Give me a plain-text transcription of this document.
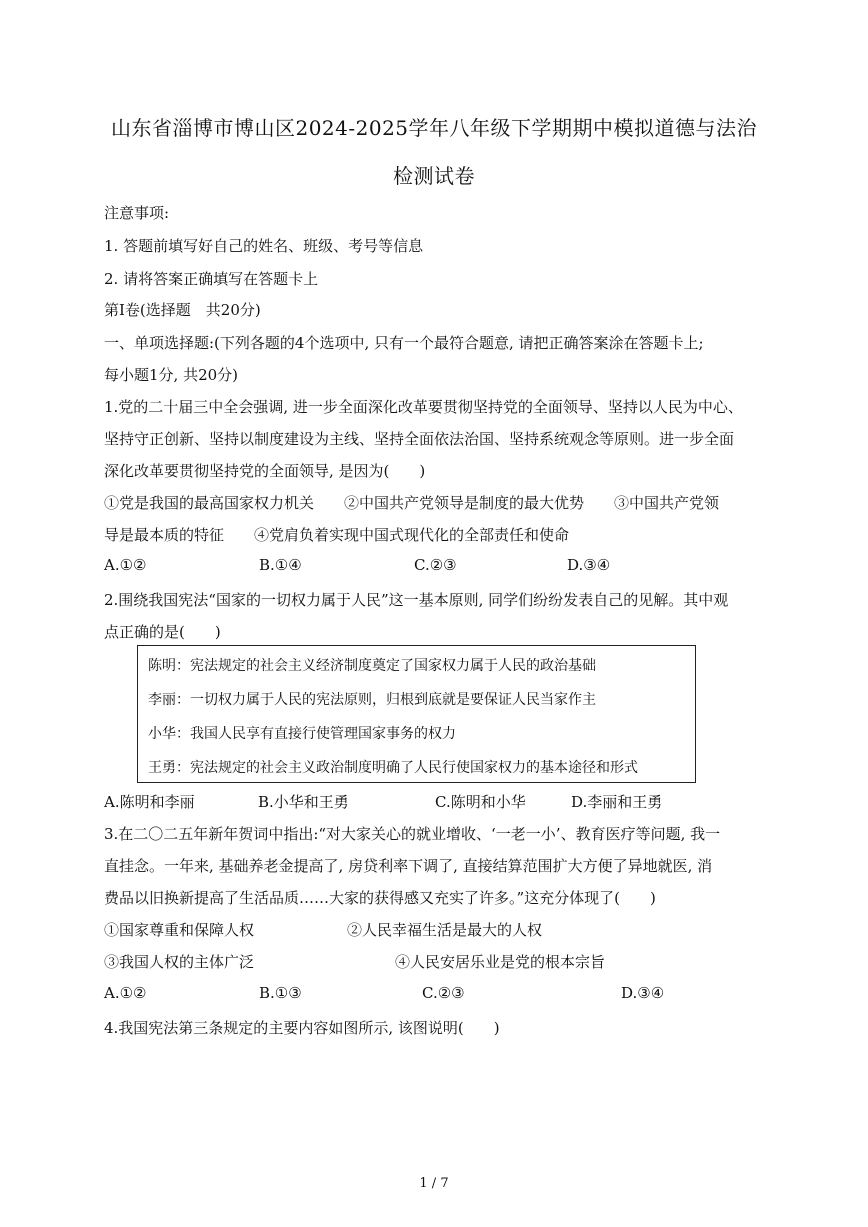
山东省淄博市博山区2024-2025学年八年级下学期期中模拟道德与法治
检测试卷
注意事项:
1. 答题前填写好自己的姓名、班级、考号等信息
2. 请将答案正确填写在答题卡上
第I卷(选择题　共20分)
一、单项选择题:(下列各题的4个选项中, 只有一个最符合题意, 请把正确答案涂在答题卡上;
每小题1分, 共20分)
1.党的二十届三中全会强调, 进一步全面深化改革要贯彻坚持党的全面领导、坚持以人民为中心、
坚持守正创新、坚持以制度建设为主线、坚持全面依法治国、坚持系统观念等原则。进一步全面
深化改革要贯彻坚持党的全面领导, 是因为(　　)
①党是我国的最高国家权力机关　　②中国共产党领导是制度的最大优势　　③中国共产党领
导是最本质的特征　　④党肩负着实现中国式现代化的全部责任和使命
A.①②	B.①④	C.②③	D.③④
2.围绕我国宪法“国家的一切权力属于人民”这一基本原则, 同学们纷纷发表自己的见解。其中观
点正确的是(　　)
陈明：宪法规定的社会主义经济制度奠定了国家权力属于人民的政治基础
李丽：一切权力属于人民的宪法原则，归根到底就是要保证人民当家作主
小华：我国人民享有直接行使管理国家事务的权力
王勇：宪法规定的社会主义政治制度明确了人民行使国家权力的基本途径和形式
A.陈明和李丽	B.小华和王勇	C.陈明和小华	D.李丽和王勇
3.在二〇二五年新年贺词中指出:“对大家关心的就业增收、‘一老一小’、教育医疗等问题, 我一
直挂念。一年来, 基础养老金提高了, 房贷利率下调了, 直接结算范围扩大方便了异地就医, 消
费品以旧换新提高了生活品质……大家的获得感又充实了许多。”这充分体现了(　　)
①国家尊重和保障人权	②人民幸福生活是最大的人权
③我国人权的主体广泛	④人民安居乐业是党的根本宗旨
A.①②	B.①③	C.②③	D.③④
4.我国宪法第三条规定的主要内容如图所示, 该图说明(　　)
1 / 7
